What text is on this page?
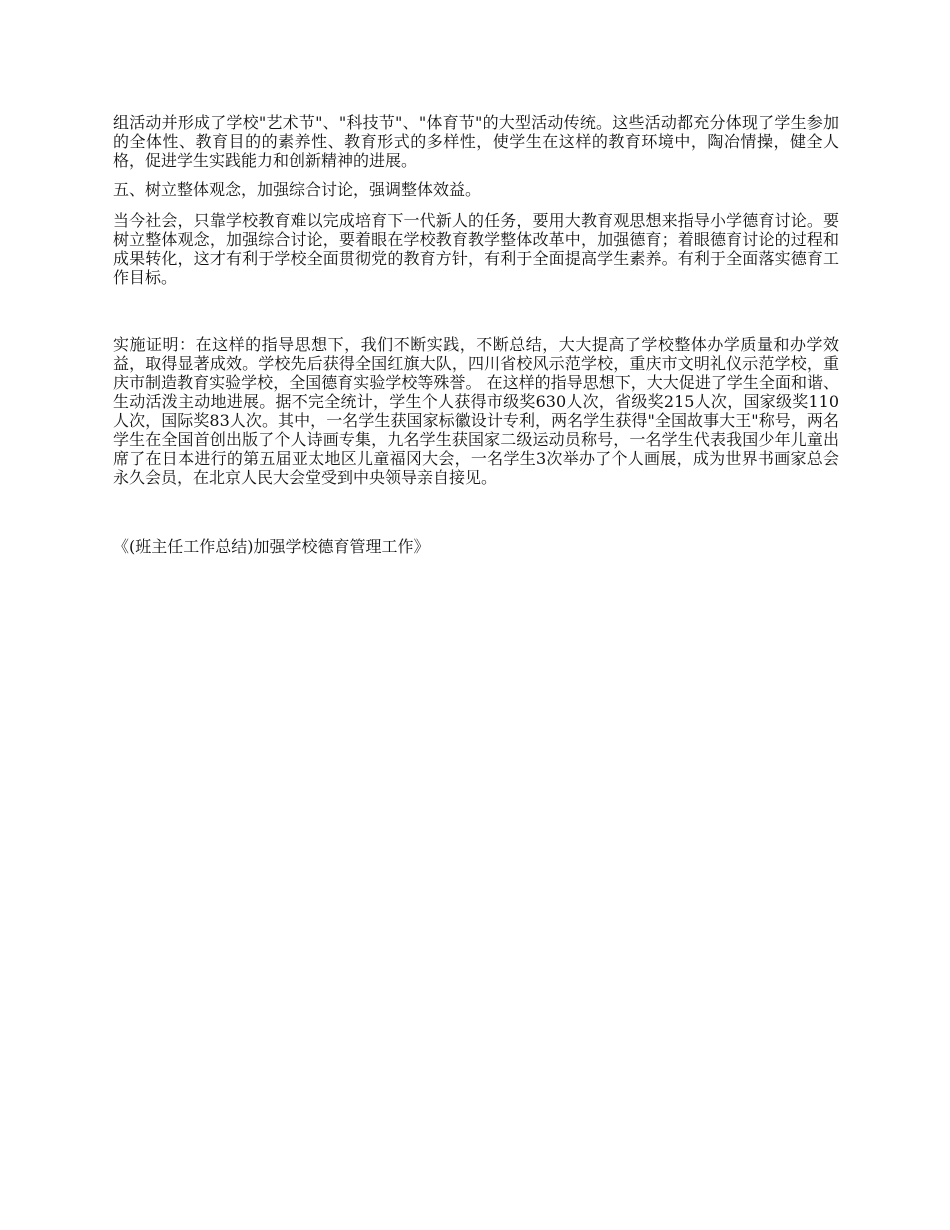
组活动并形成了学校"艺术节"、"科技节"、"体育节"的大型活动传统。这些活动都充分体现了学生参加的全体性、教育目的的素养性、教育形式的多样性，使学生在这样的教育环境中，陶冶情操，健全人格，促进学生实践能力和创新精神的进展。

五、树立整体观念，加强综合讨论，强调整体效益。

当今社会，只靠学校教育难以完成培育下一代新人的任务，要用大教育观思想来指导小学德育讨论。要树立整体观念，加强综合讨论，要着眼在学校教育教学整体改革中，加强德育；着眼德育讨论的过程和成果转化，这才有利于学校全面贯彻党的教育方针，有利于全面提高学生素养。有利于全面落实德育工作目标。

实施证明：在这样的指导思想下，我们不断实践，不断总结，大大提高了学校整体办学质量和办学效益，取得显著成效。学校先后获得全国红旗大队，四川省校风示范学校，重庆市文明礼仪示范学校，重庆市制造教育实验学校，全国德育实验学校等殊誉。 在这样的指导思想下，大大促进了学生全面和谐、生动活泼主动地进展。据不完全统计，学生个人获得市级奖630人次，省级奖215人次，国家级奖110人次，国际奖83人次。其中，一名学生获国家标徽设计专利，两名学生获得"全国故事大王"称号，两名学生在全国首创出版了个人诗画专集，九名学生获国家二级运动员称号，一名学生代表我国少年儿童出席了在日本进行的第五届亚太地区儿童福冈大会，一名学生3次举办了个人画展，成为世界书画家总会永久会员，在北京人民大会堂受到中央领导亲自接见。

《(班主任工作总结)加强学校德育管理工作》
